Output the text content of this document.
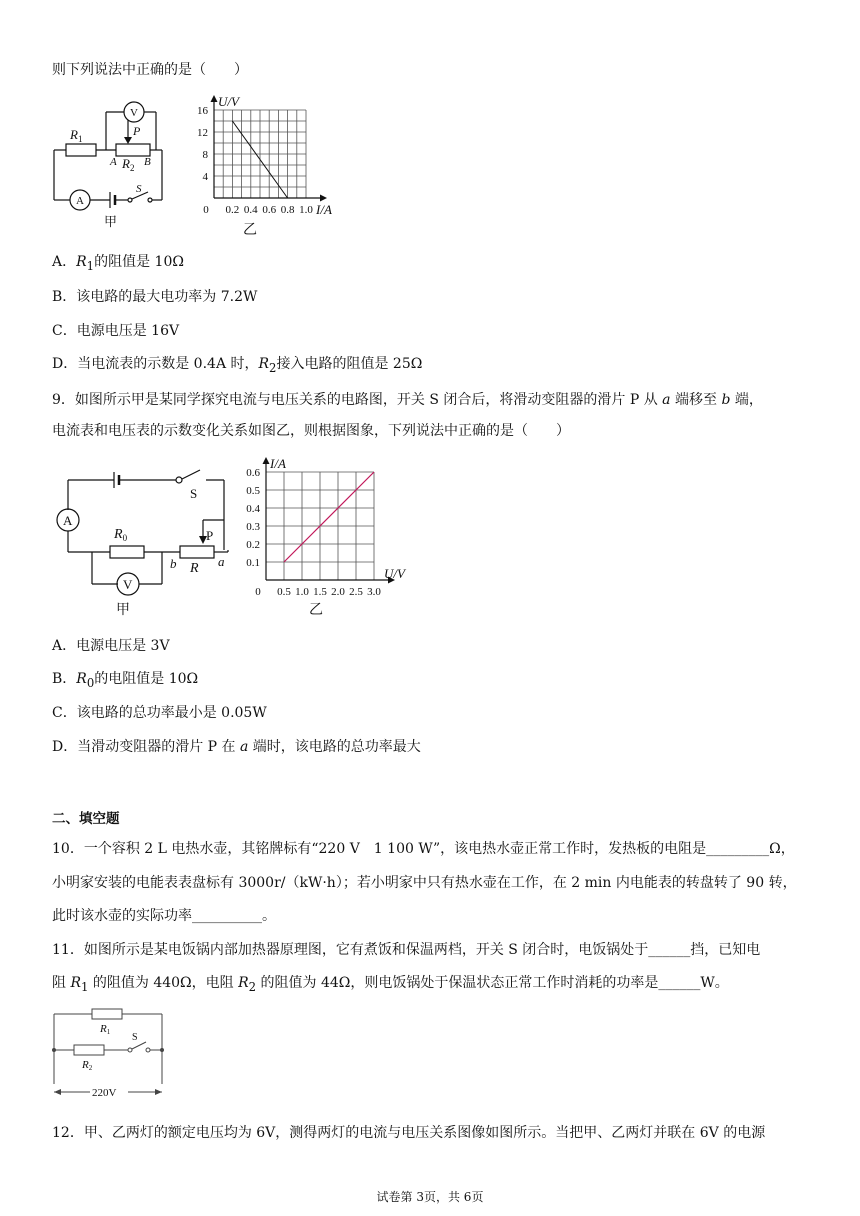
则下列说法中正确的是（　　）
$R_1$
P
A $R_2$ B
S
V
A
甲
16
12
8
4
0.2 0.4 0.6 0.8 1.0
0
U/V
I/A
乙
A．$R_1$的阻值是 10Ω
B．该电路的最大电功率为 7.2W
C．电源电压是 16V
D．当电流表的示数是 0.4A 时，$R_2$接入电路的阻值是 25Ω
9．如图所示甲是某同学探究电流与电压关系的电路图，开关 S 闭合后，将滑动变阻器的滑片 P 从 a 端移至 b 端，
电流表和电压表的示数变化关系如图乙，则根据图象，下列说法中正确的是（　　）
A
S
$R_0$	P
b R a
V
甲
0.6
0.5
0.4
0.3
0.2
0.1
0.5 1.0 1.5 2.0 2.5 3.0
0
I/A
U/V
乙
A．电源电压是 3V
B．$R_0$的电阻值是 10Ω
C．该电路的总功率最小是 0.05W
D．当滑动变阻器的滑片 P 在 a 端时，该电路的总功率最大
二、填空题
10．一个容积 2 L 电热水壶，其铭牌标有“220 V　1 100 W”，该电热水壶正常工作时，发热板的电阻是_________Ω，
小明家安装的电能表表盘标有 3000r/（kW·h）；若小明家中只有热水壶在工作，在 2 min 内电能表的转盘转了 90 转，
此时该水壶的实际功率__________。
11．如图所示是某电饭锅内部加热器原理图，它有煮饭和保温两档，开关 S 闭合时，电饭锅处于______挡，已知电
阻 $R_1$ 的阻值为 440Ω，电阻 $R_2$ 的阻值为 44Ω，则电饭锅处于保温状态正常工作时消耗的功率是______W。
R1
R2
S
220V
12．甲、乙两灯的额定电压均为 6V，测得两灯的电流与电压关系图像如图所示。当把甲、乙两灯并联在 6V 的电源
试卷第 3页，共 6页
